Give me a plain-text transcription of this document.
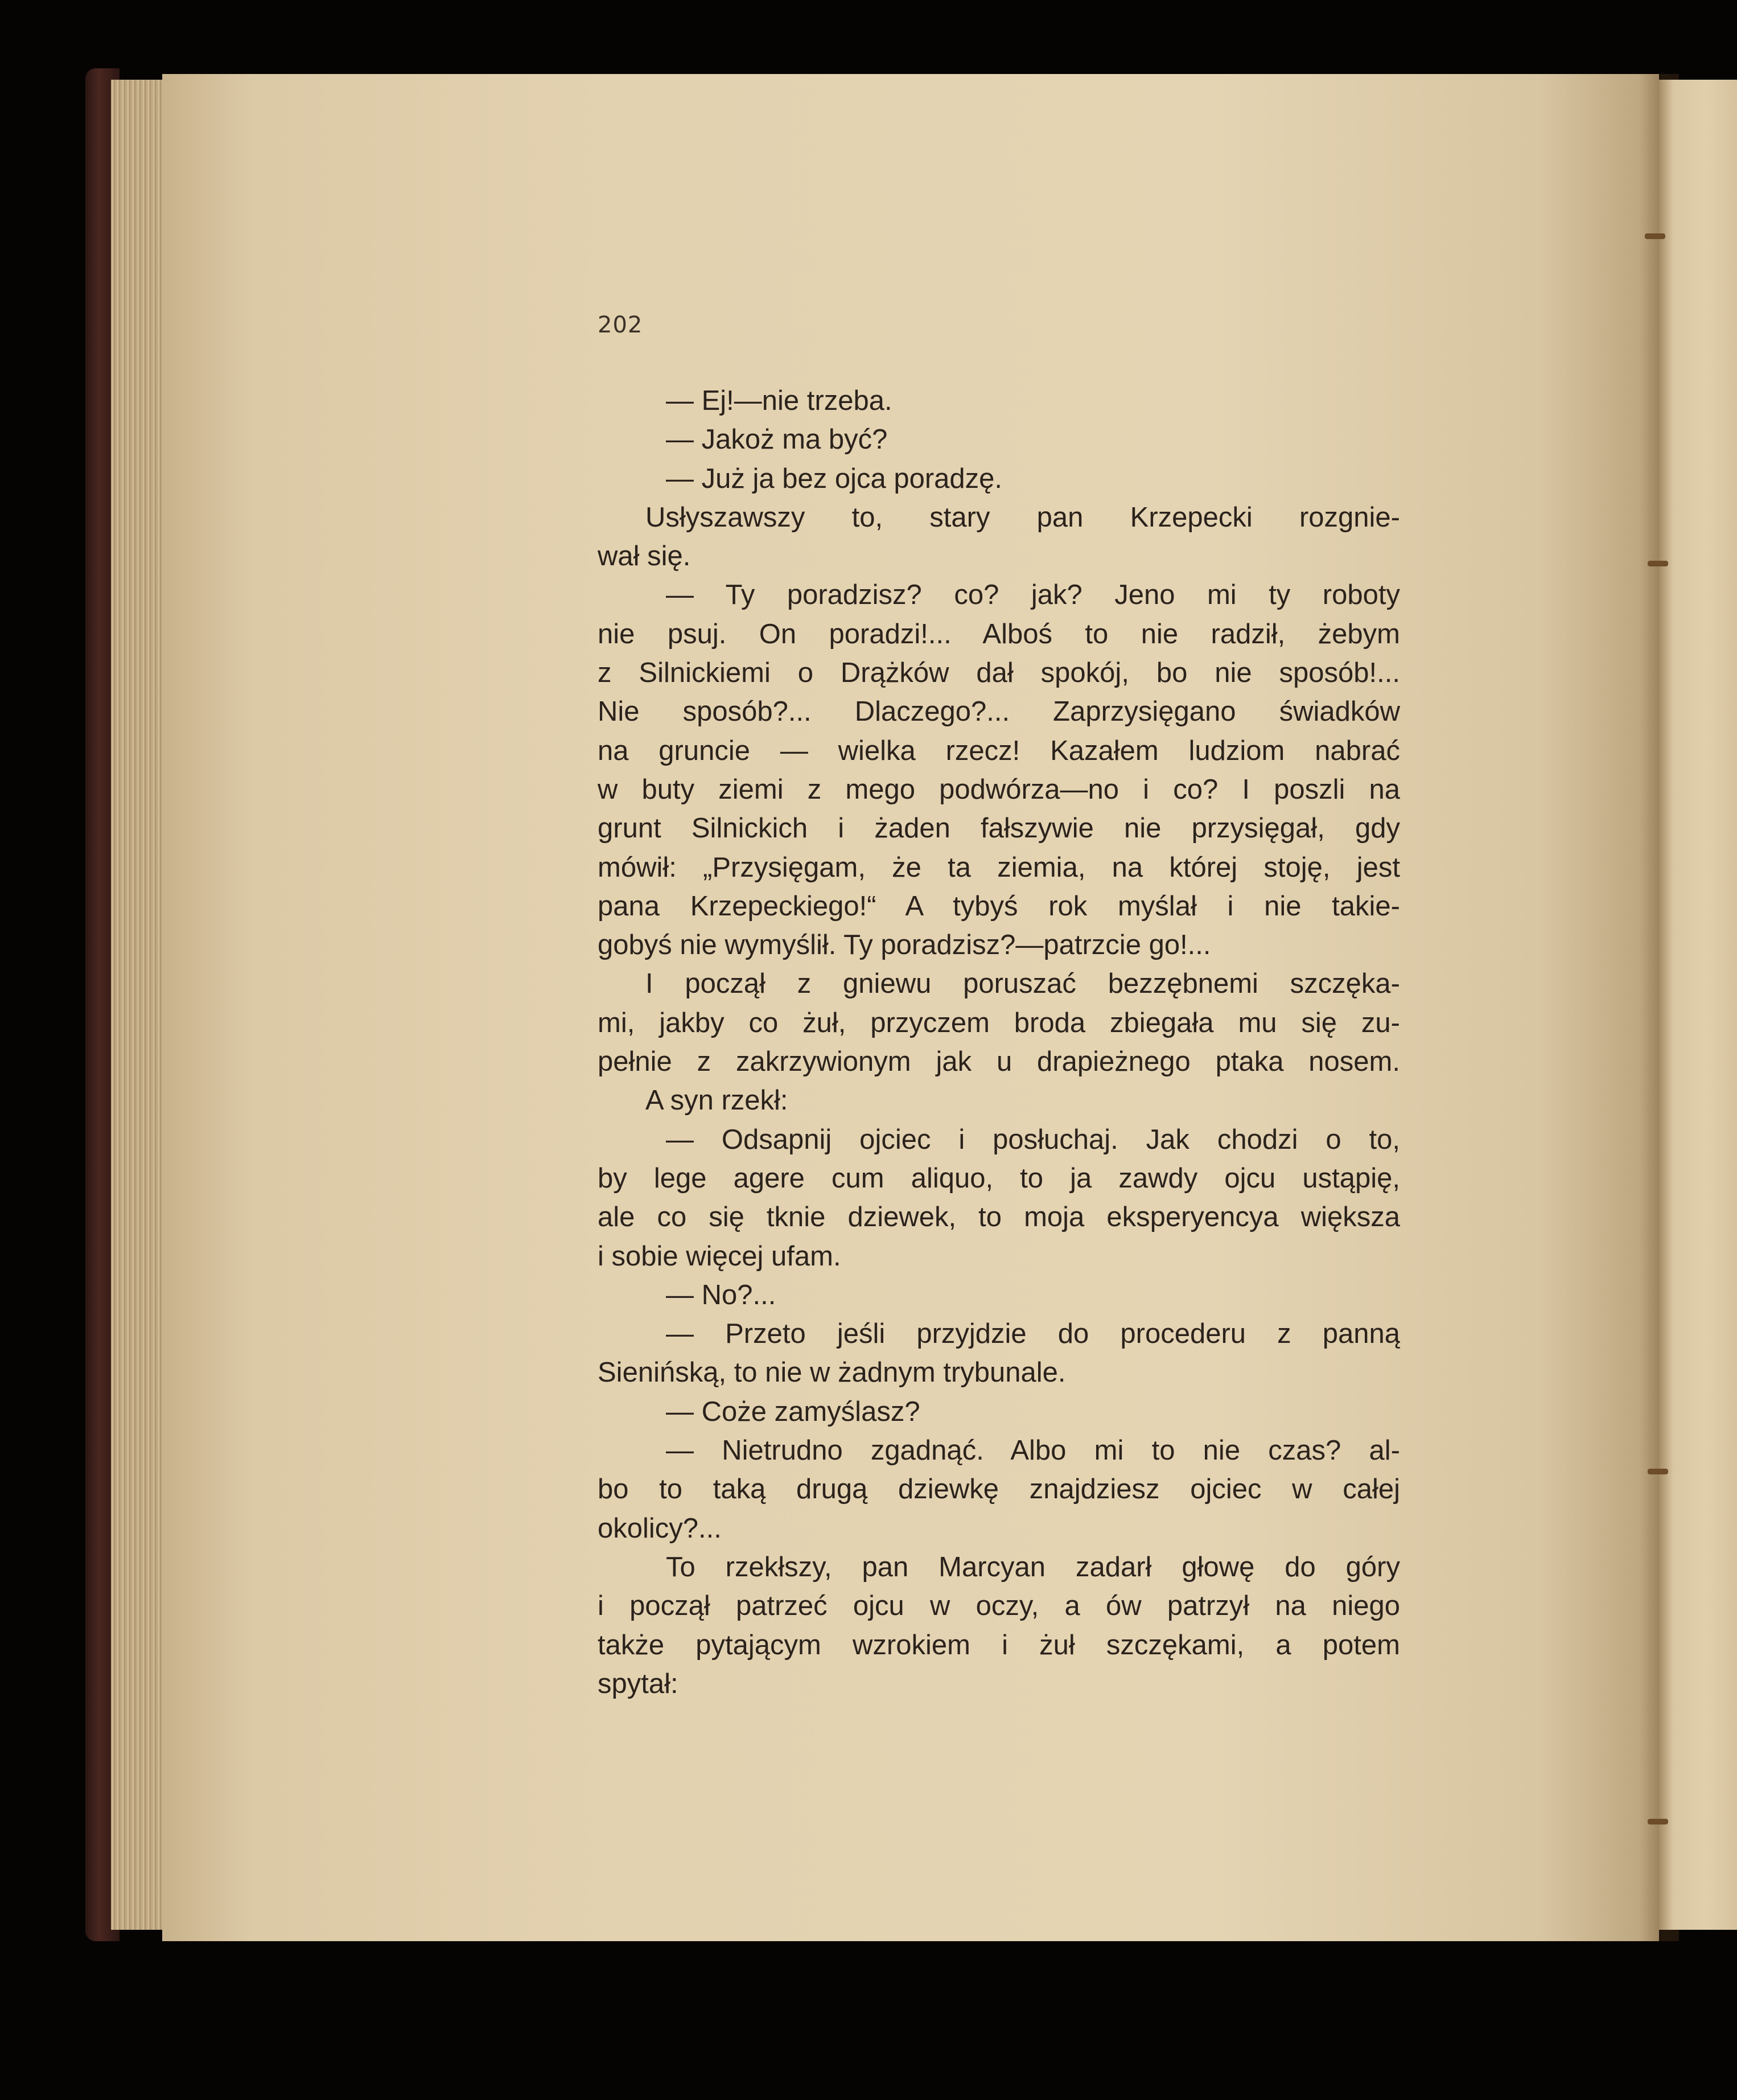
202
— Ej!—nie trzeba.
— Jakoż ma być?
— Już ja bez ojca poradzę.
Usłyszawszy to, stary pan Krzepecki rozgnie-
wał się.
— Ty poradzisz? co? jak? Jeno mi ty roboty
nie psuj. On poradzi!... Alboś to nie radził, żebym
z Silnickiemi o Drążków dał spokój, bo nie sposób!...
Nie sposób?... Dlaczego?... Zaprzysięgano świadków
na gruncie — wielka rzecz! Kazałem ludziom nabrać
w buty ziemi z mego podwórza—no i co? I poszli na
grunt Silnickich i żaden fałszywie nie przysięgał, gdy
mówił: „Przysięgam, że ta ziemia, na której stoję, jest
pana Krzepeckiego!“ A tybyś rok myślał i nie takie-
gobyś nie wymyślił. Ty poradzisz?—patrzcie go!...
I począł z gniewu poruszać bezzębnemi szczęka-
mi, jakby co żuł, przyczem broda zbiegała mu się zu-
pełnie z zakrzywionym jak u drapieżnego ptaka nosem.
A syn rzekł:
— Odsapnij ojciec i posłuchaj. Jak chodzi o to,
by lege agere cum aliquo, to ja zawdy ojcu ustąpię,
ale co się tknie dziewek, to moja eksperyencya większa
i sobie więcej ufam.
— No?...
— Przeto jeśli przyjdzie do procederu z panną
Sienińską, to nie w żadnym trybunale.
— Coże zamyślasz?
— Nietrudno zgadnąć. Albo mi to nie czas? al-
bo to taką drugą dziewkę znajdziesz ojciec w całej
okolicy?...
To rzekłszy, pan Marcyan zadarł głowę do góry
i począł patrzeć ojcu w oczy, a ów patrzył na niego
także pytającym wzrokiem i żuł szczękami, a potem
spytał:
